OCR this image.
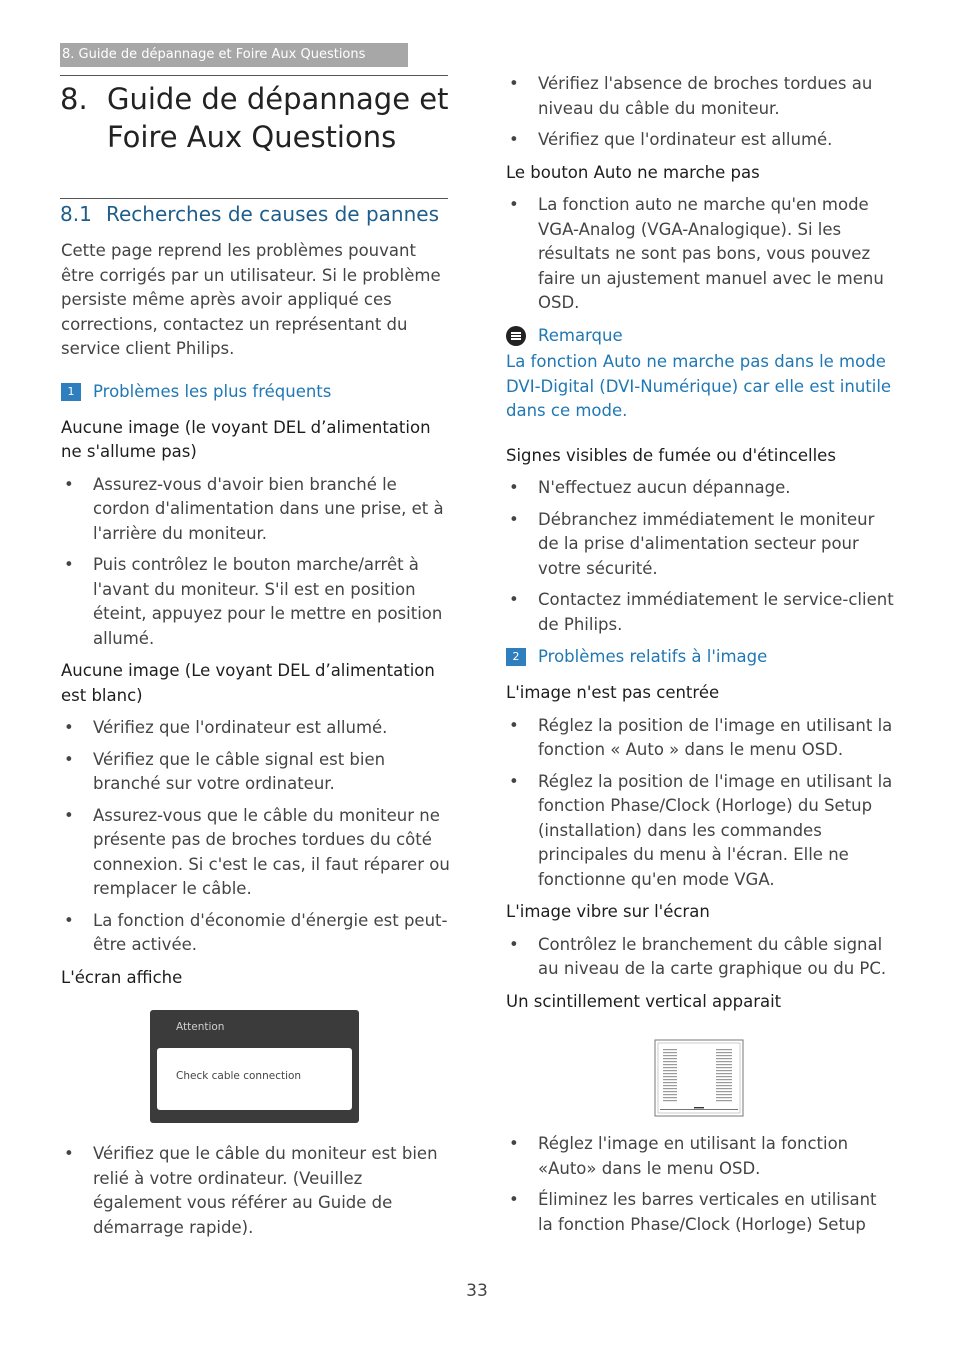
8. Guide de dépannage et Foire Aux Questions
8. Guide de dépannage et Foire Aux Questions
8.1 Recherches de causes de pannes

Cette page reprend les problèmes pouvant être corrigés par un utilisateur. Si le problème persiste même après avoir appliqué ces corrections, contactez un représentant du service client Philips.

1	Problèmes les plus fréquents

Aucune image (le voyant DEL d’alimentation ne s'allume pas)

• Assurez-vous d'avoir bien branché le cordon d'alimentation dans une prise, et à l'arrière du moniteur.
• Puis contrôlez le bouton marche/arrêt à l'avant du moniteur. S'il est en position éteint, appuyez pour le mettre en position allumé.

Aucune image (Le voyant DEL d’alimentation est blanc)

• Vérifiez que l'ordinateur est allumé.
• Vérifiez que le câble signal est bien branché sur votre ordinateur.
• Assurez-vous que le câble du moniteur ne présente pas de broches tordues du côté connexion. Si c'est le cas, il faut réparer ou remplacer le câble.
• La fonction d'économie d'énergie est peut-être activée.

L'écran affiche

Attention
Check cable connection
• Vérifiez que le câble du moniteur est bien relié à votre ordinateur. (Veuillez également vous référer au Guide de démarrage rapide).
• Vérifiez l'absence de broches tordues au niveau du câble du moniteur.
• Vérifiez que l'ordinateur est allumé.

Le bouton Auto ne marche pas

• La fonction auto ne marche qu'en mode VGA-Analog (VGA-Analogique). Si les résultats ne sont pas bons, vous pouvez faire un ajustement manuel avec le menu OSD.
Remarque

La fonction Auto ne marche pas dans le mode DVI-Digital (DVI-Numérique) car elle est inutile dans ce mode.

Signes visibles de fumée ou d'étincelles

• N'effectuez aucun dépannage.
• Débranchez immédiatement le moniteur de la prise d'alimentation secteur pour votre sécurité.
• Contactez immédiatement le service-client de Philips.
2	Problèmes relatifs à l'image

L'image n'est pas centrée

• Réglez la position de l'image en utilisant la fonction « Auto » dans le menu OSD.
• Réglez la position de l'image en utilisant la fonction Phase/Clock (Horloge) du Setup (installation) dans les commandes principales du menu à l'écran. Elle ne fonctionne qu'en mode VGA.

L'image vibre sur l'écran

• Contrôlez le branchement du câble signal au niveau de la carte graphique ou du PC.

Un scintillement vertical apparait

• Réglez l'image en utilisant la fonction «Auto» dans le menu OSD.
• Éliminez les barres verticales en utilisant la fonction Phase/Clock (Horloge) Setup
33
